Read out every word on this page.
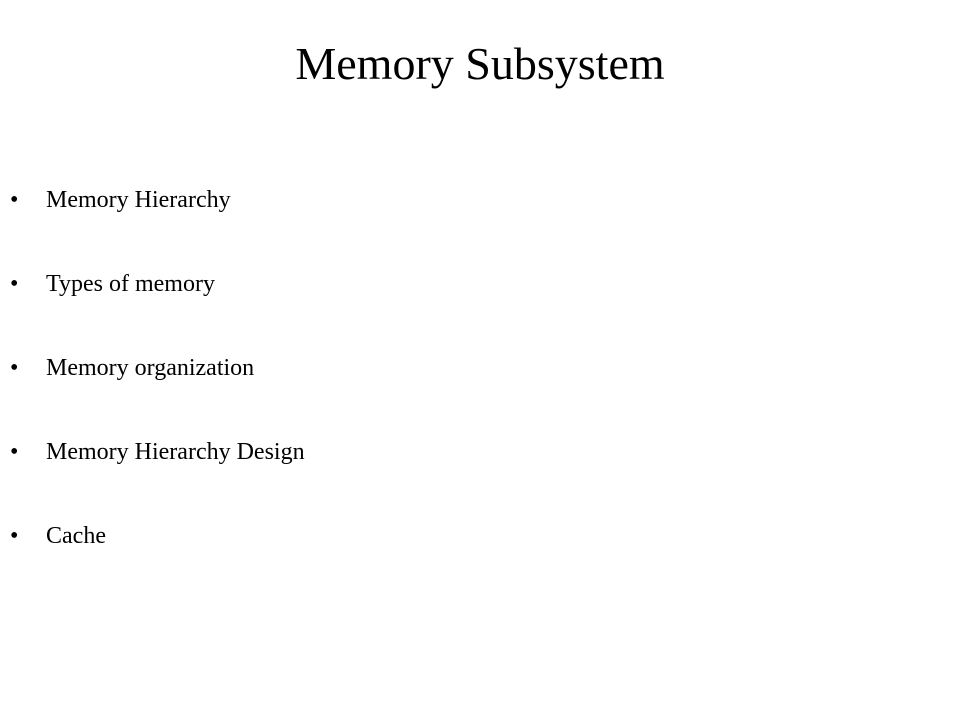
Memory Subsystem
•	Memory Hierarchy
•	Types of memory
•	Memory organization
•	Memory Hierarchy Design
•	Cache
